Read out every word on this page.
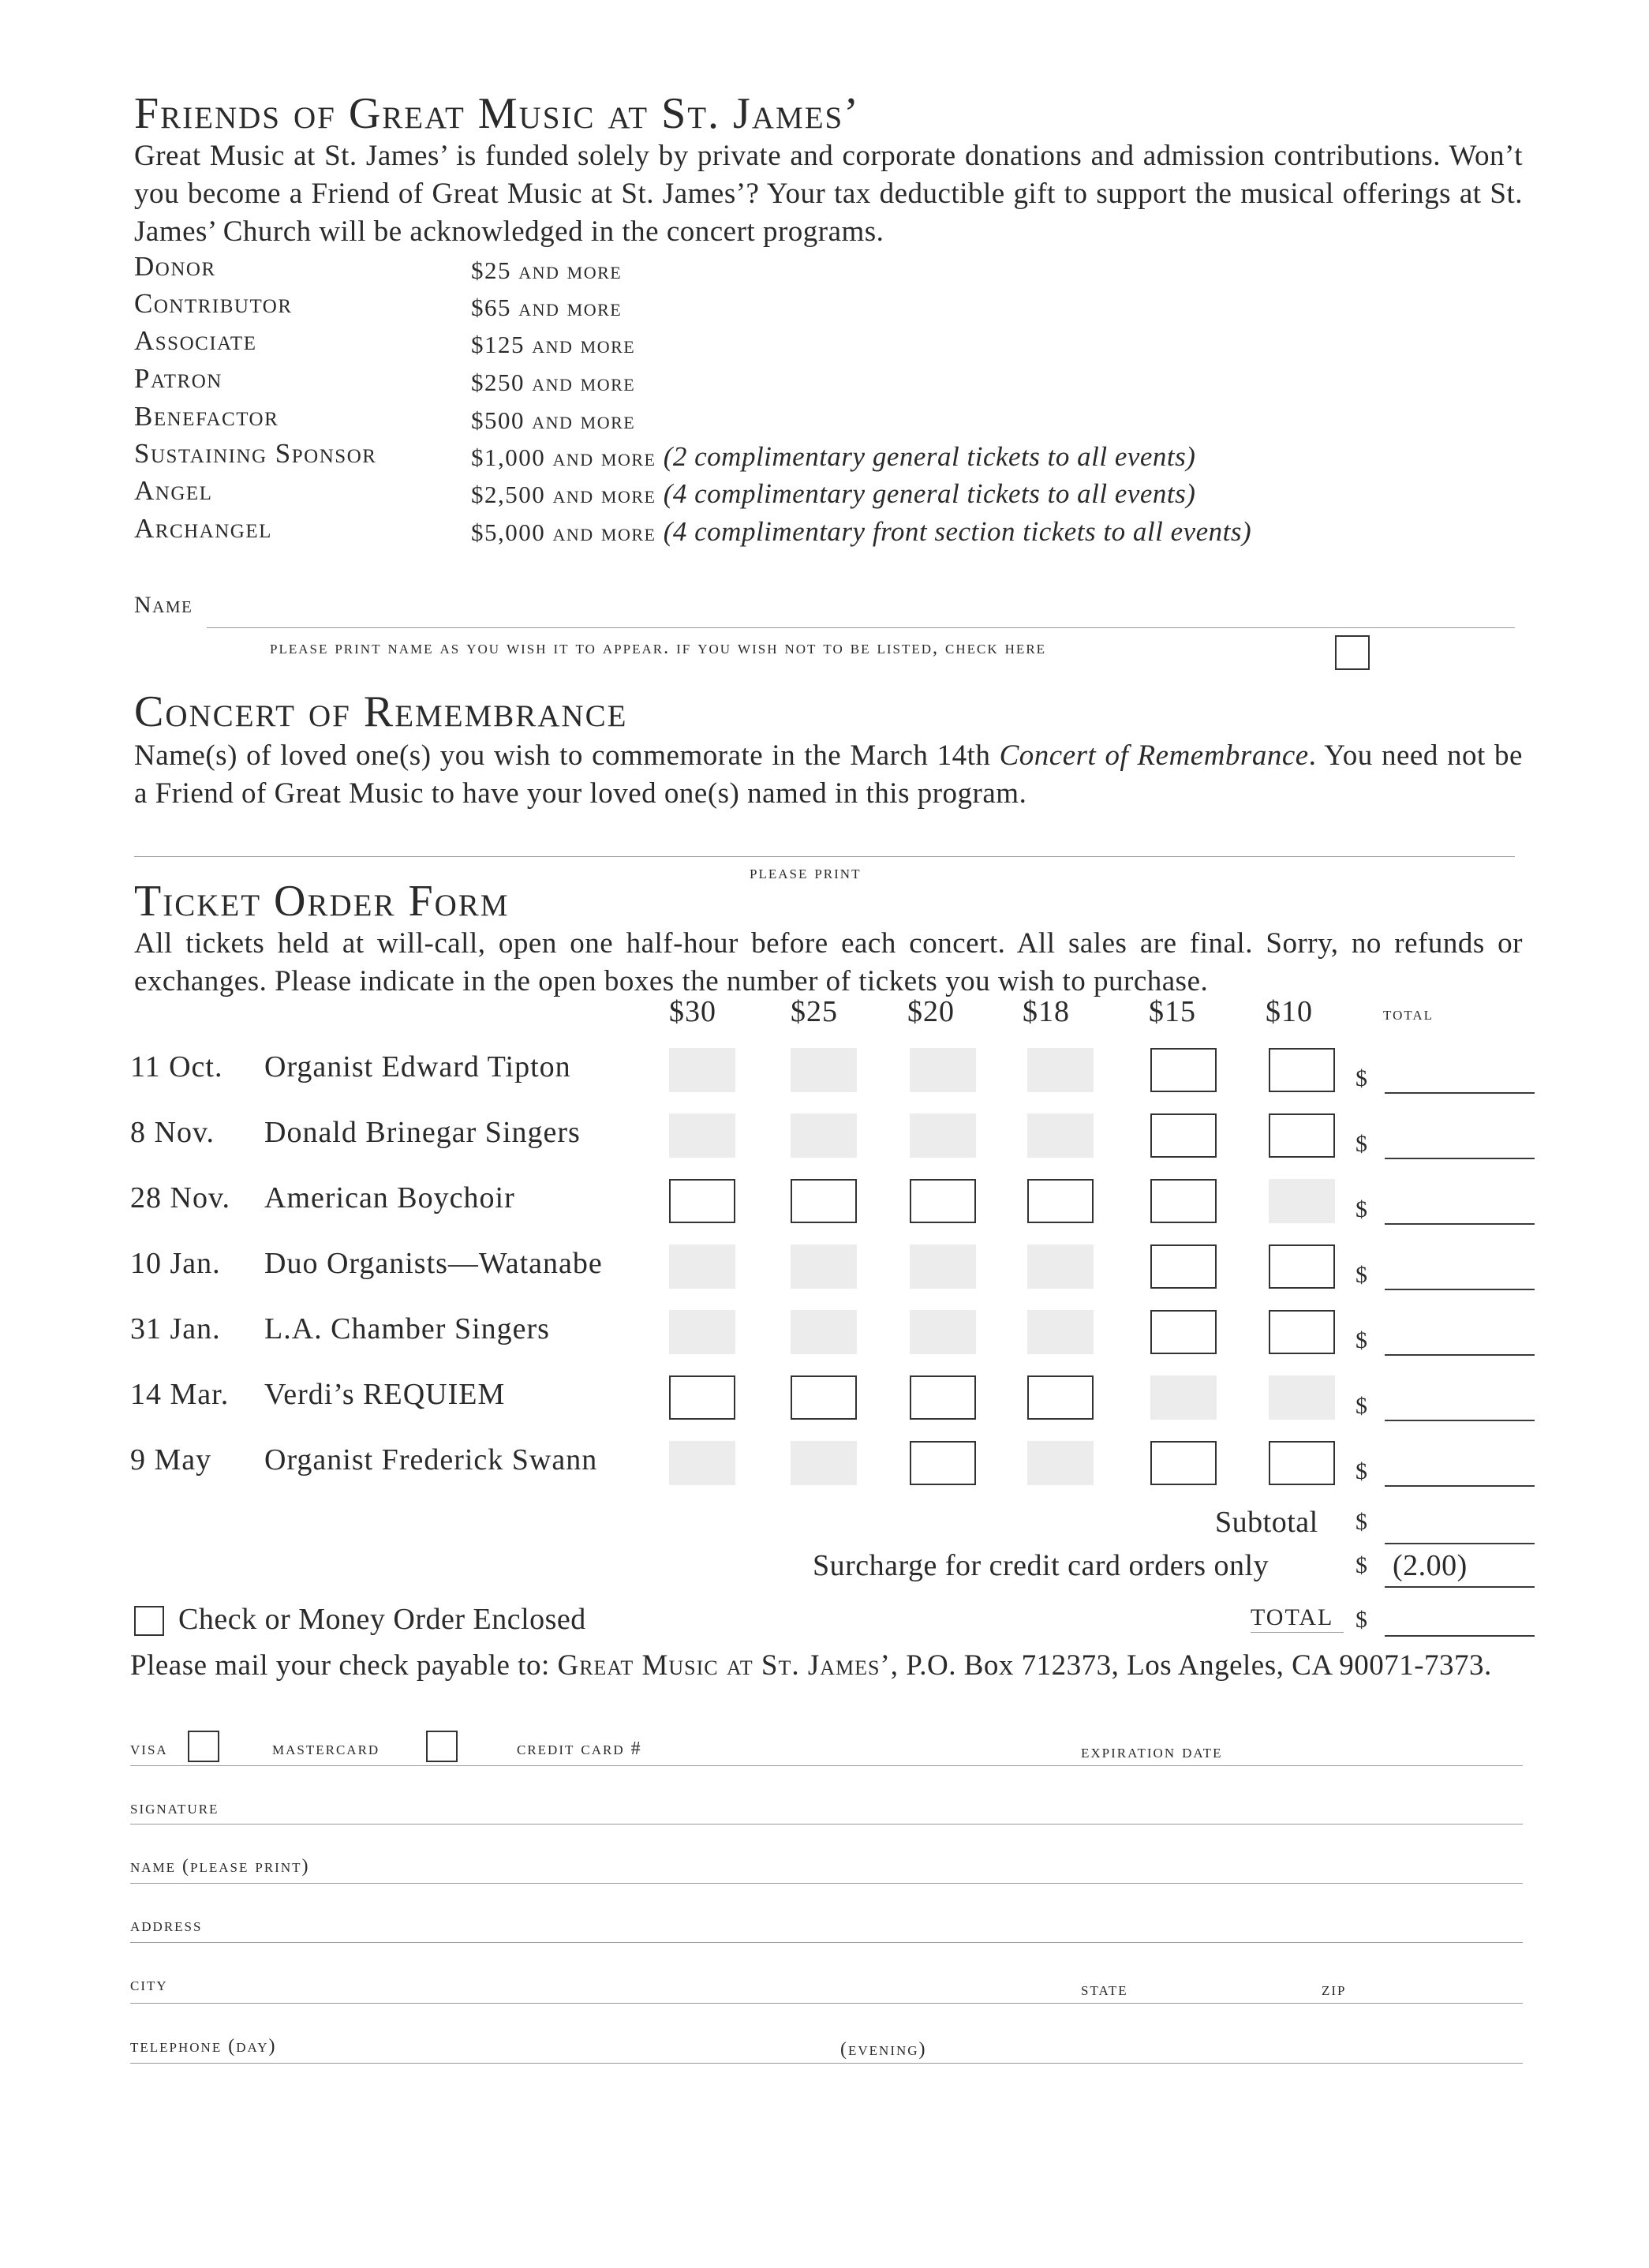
Friends of Great Music at St. James’
Great Music at St. James’ is funded solely by private and corporate donations and admission contributions. Won’t you become a Friend of Great Music at St. James’? Your tax deductible gift to support the musical offerings at St. James’ Church will be acknowledged in the concert programs.
Donor	$25 and more
Contributor	$65 and more
Associate	$125 and more
Patron	$250 and more
Benefactor	$500 and more
Sustaining Sponsor	$1,000 and more (2 complimentary general tickets to all events)
Angel	$2,500 and more (4 complimentary general tickets to all events)
Archangel	$5,000 and more (4 complimentary front section tickets to all events)
Name
please print name as you wish it to appear. if you wish not to be listed, check here
Concert of Remembrance
Name(s) of loved one(s) you wish to commemorate in the March 14th Concert of Remembrance. You need not be a Friend of Great Music to have your loved one(s) named in this program.
please print
Ticket Order Form
All tickets held at will-call, open one half-hour before each concert. All sales are final. Sorry, no refunds or exchanges. Please indicate in the open boxes the number of tickets you wish to purchase.
$30 $25 $20 $18	$15 $10	total
11 Oct. Organist Edward Tipton	$
8 Nov. Donald Brinegar Singers	$
28 Nov. American Boychoir	$
10 Jan. Duo Organists—Watanabe	$
31 Jan. L.A. Chamber Singers	$
14 Mar. Verdi’s REQUIEM	$
9 May Organist Frederick Swann	$
Subtotal $
Surcharge for credit card orders only	$ (2.00)
Check or Money Order Enclosed	TOTAL $
Please mail your check payable to: Great Music at St. James’, P.O. Box 712373, Los Angeles, CA 90071-7373.
visa	mastercard	credit card #	expiration date
signature
name (please print)
address
city	state	zip
telephone (day)	(evening)
